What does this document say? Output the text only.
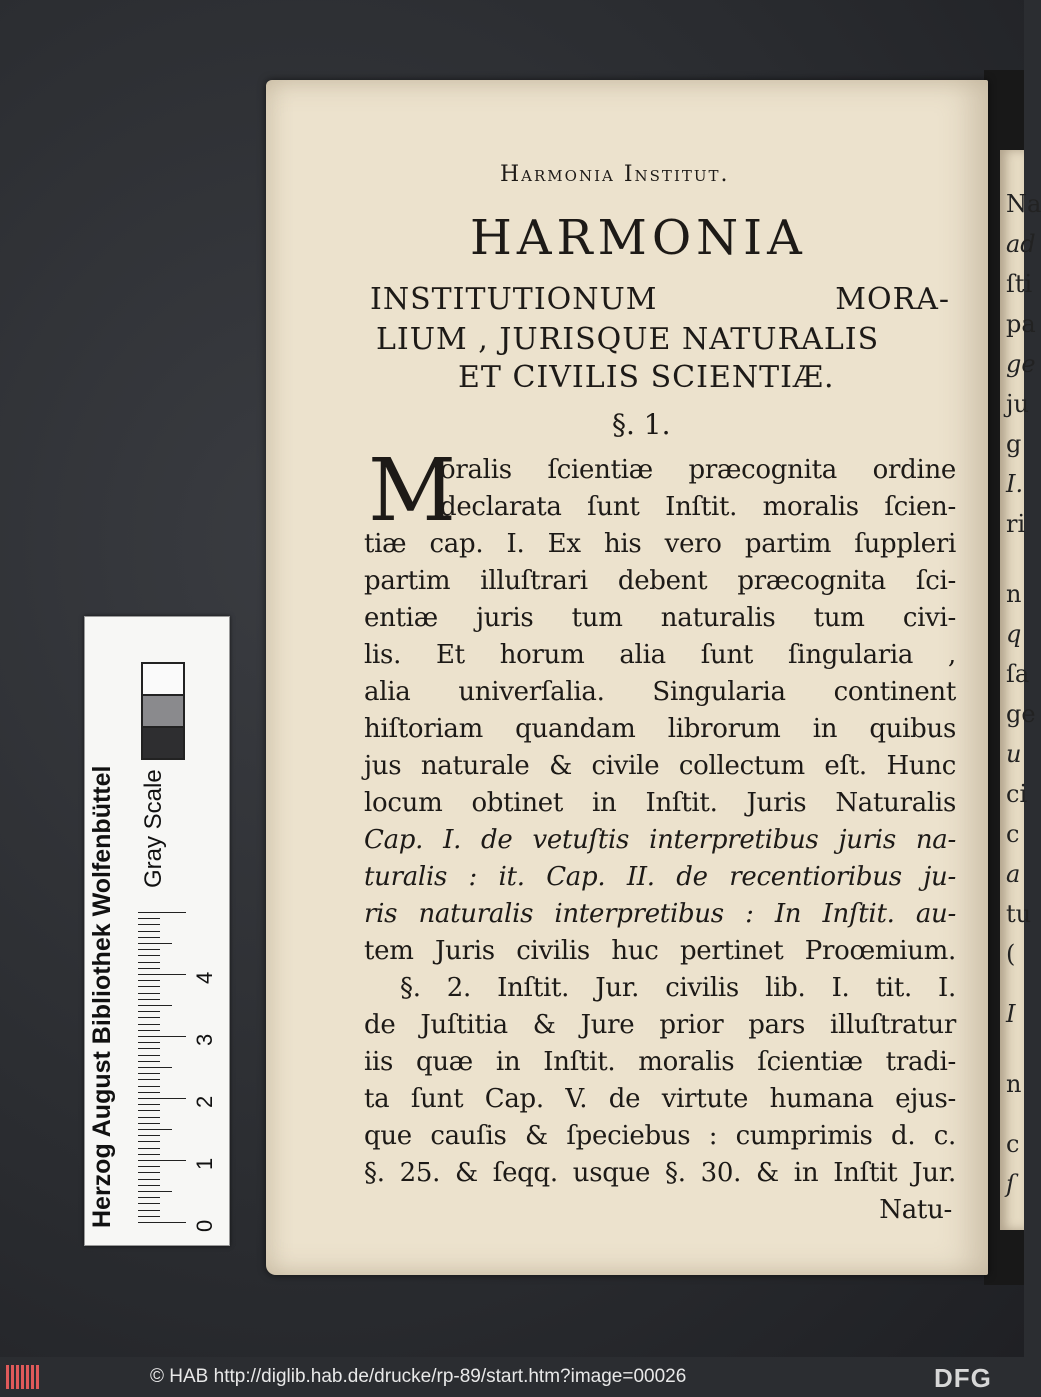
Na
ad
ſti
pa
ge
ju
g
I.
ri
n
q
ſa
ge
u
ci
c
a
tu
(
I
n
c
ſ
Harmonia Institut.
HARMONIA
INSTITUTIONUM	MORA-
LIUM , JURISQUE NATURALIS
ET CIVILIS SCIENTIÆ.
§. 1.
M
oralis ſcientiæ præcognita ordine
declarata ſunt Inſtit. moralis ſcien-
tiæ cap. I. Ex his vero partim ſuppleri
partim illuſtrari debent præcognita ſci-
entiæ juris tum naturalis tum civi-
lis. Et horum alia ſunt ſingularia ,
alia univerſalia. Singularia continent
hiſtoriam quandam librorum in quibus
jus naturale & civile collectum eſt. Hunc
locum obtinet in Inſtit. Juris Naturalis
Cap. I. de vetuſtis interpretibus juris na-
turalis : it. Cap. II. de recentioribus ju-
ris naturalis interpretibus : In Inſtit. au-
tem Juris civilis huc pertinet Proœmium.
§. 2. Inſtit. Jur. civilis lib. I. tit. I.
de Juſtitia & Jure prior pars illuſtratur
iis quæ in Inſtit. moralis ſcientiæ tradi-
ta ſunt Cap. V. de virtute humana ejus-
que cauſis & ſpeciebus : cumprimis d. c.
§. 25. & ſeqq. usque §. 30. & in Inſtit Jur.
Natu-
Herzog August Bibliothek Wolfenbüttel Gray Scale
0
1
2
3
4
© HAB http://diglib.hab.de/drucke/rp-89/start.htm?image=00026	DFG
